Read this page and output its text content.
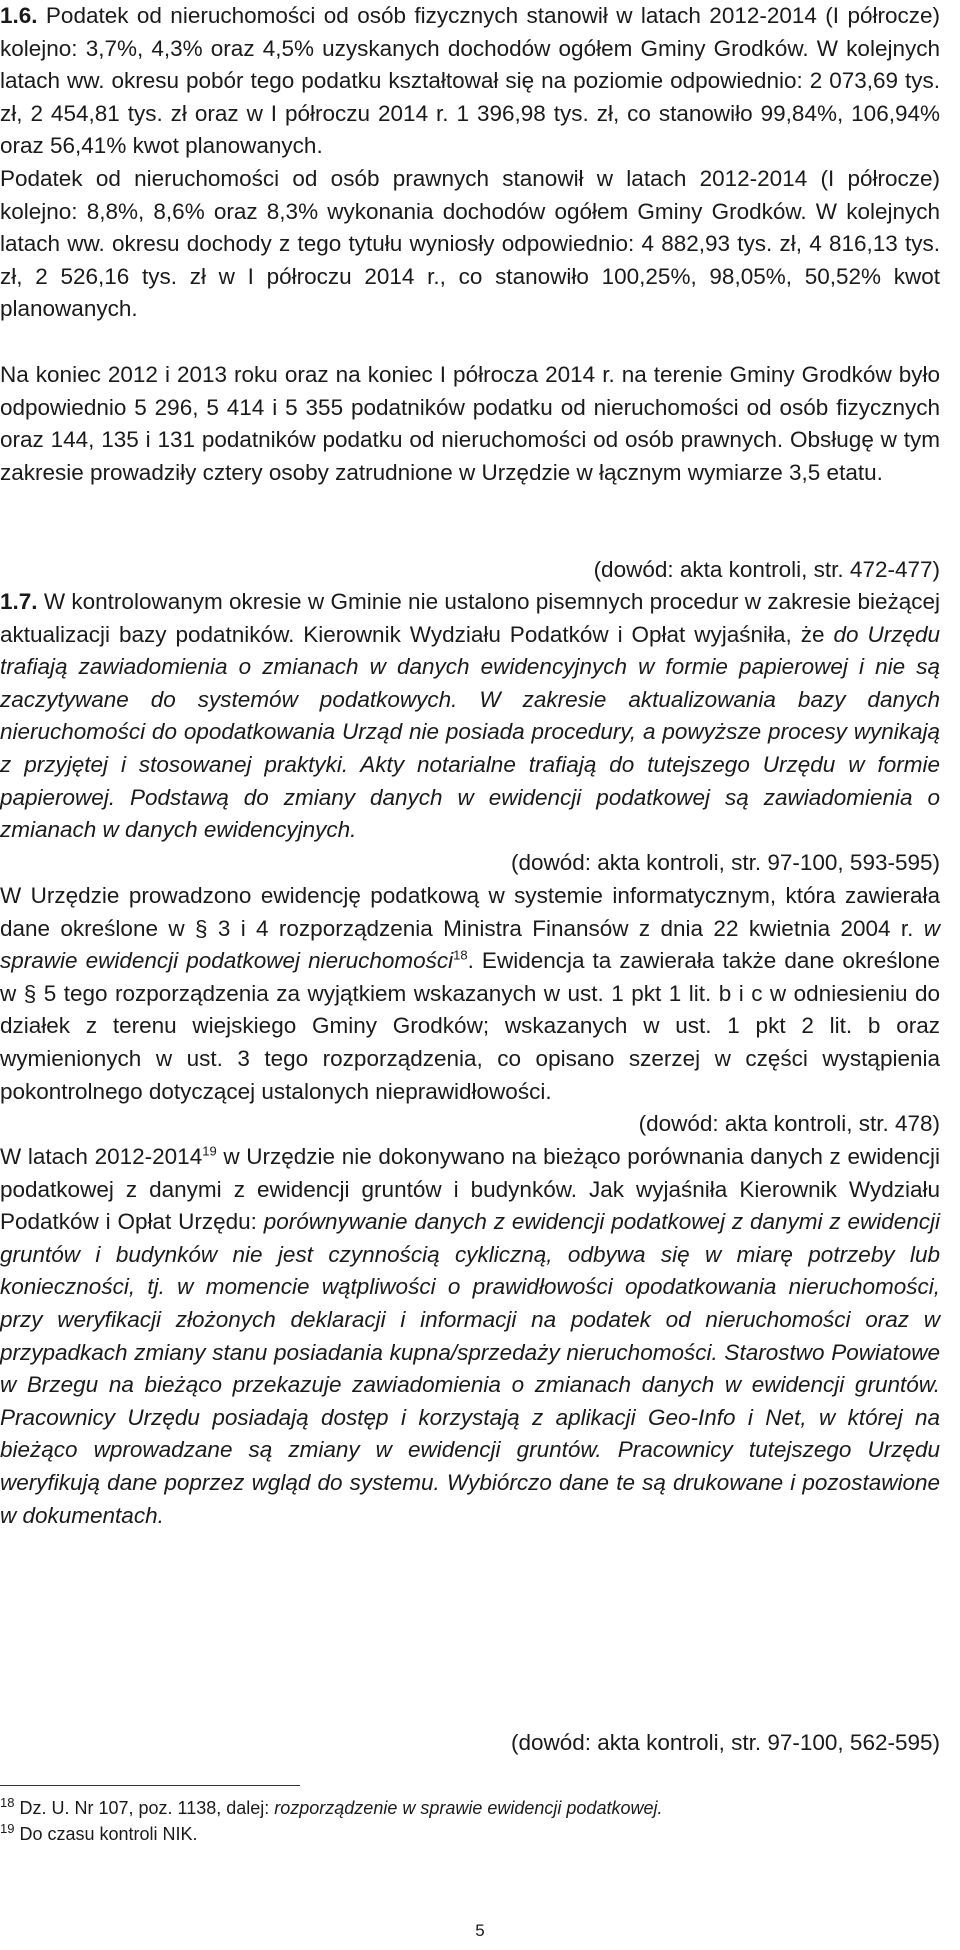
1.6. Podatek od nieruchomości od osób fizycznych stanowił w latach 2012-2014 (I półrocze) kolejno: 3,7%, 4,3% oraz 4,5% uzyskanych dochodów ogółem Gminy Grodków. W kolejnych latach ww. okresu pobór tego podatku kształtował się na poziomie odpowiednio: 2 073,69 tys. zł, 2 454,81 tys. zł oraz w I półroczu 2014 r. 1 396,98 tys. zł, co stanowiło 99,84%, 106,94% oraz 56,41% kwot planowanych.

Podatek od nieruchomości od osób prawnych stanowił w latach 2012-2014 (I półrocze) kolejno: 8,8%, 8,6% oraz 8,3% wykonania dochodów ogółem Gminy Grodków. W kolejnych latach ww. okresu dochody z tego tytułu wyniosły odpowiednio: 4 882,93 tys. zł, 4 816,13 tys. zł, 2 526,16 tys. zł w I półroczu 2014 r., co stanowiło 100,25%, 98,05%, 50,52% kwot planowanych.

Na koniec 2012 i 2013 roku oraz na koniec I półrocza 2014 r. na terenie Gminy Grodków było odpowiednio 5 296, 5 414 i 5 355 podatników podatku od nieruchomości od osób fizycznych oraz 144, 135 i 131 podatników podatku od nieruchomości od osób prawnych. Obsługę w tym zakresie prowadziły cztery osoby zatrudnione w Urzędzie w łącznym wymiarze 3,5 etatu.

(dowód: akta kontroli, str. 472-477)

1.7. W kontrolowanym okresie w Gminie nie ustalono pisemnych procedur w zakresie bieżącej aktualizacji bazy podatników. Kierownik Wydziału Podatków i Opłat wyjaśniła, że do Urzędu trafiają zawiadomienia o zmianach w danych ewidencyjnych w formie papierowej i nie są zaczytywane do systemów podatkowych. W zakresie aktualizowania bazy danych nieruchomości do opodatkowania Urząd nie posiada procedury, a powyższe procesy wynikają z przyjętej i stosowanej praktyki. Akty notarialne trafiają do tutejszego Urzędu w formie papierowej. Podstawą do zmiany danych w ewidencji podatkowej są zawiadomienia o zmianach w danych ewidencyjnych.

(dowód: akta kontroli, str. 97-100, 593-595)

W Urzędzie prowadzono ewidencję podatkową w systemie informatycznym, która zawierała dane określone w § 3 i 4 rozporządzenia Ministra Finansów z dnia 22 kwietnia 2004 r. w sprawie ewidencji podatkowej nieruchomości$^{18}$. Ewidencja ta zawierała także dane określone w § 5 tego rozporządzenia za wyjątkiem wskazanych w ust. 1 pkt 1 lit. b i c w odniesieniu do działek z terenu wiejskiego Gminy Grodków; wskazanych w ust. 1 pkt 2 lit. b oraz wymienionych w ust. 3 tego rozporządzenia, co opisano szerzej w części wystąpienia pokontrolnego dotyczącej ustalonych nieprawidłowości.

(dowód: akta kontroli, str. 478)

W latach 2012-2014$^{19}$ w Urzędzie nie dokonywano na bieżąco porównania danych z ewidencji podatkowej z danymi z ewidencji gruntów i budynków. Jak wyjaśniła Kierownik Wydziału Podatków i Opłat Urzędu: porównywanie danych z ewidencji podatkowej z danymi z ewidencji gruntów i budynków nie jest czynnością cykliczną, odbywa się w miarę potrzeby lub konieczności, tj. w momencie wątpliwości o prawidłowości opodatkowania nieruchomości, przy weryfikacji złożonych deklaracji i informacji na podatek od nieruchomości oraz w przypadkach zmiany stanu posiadania kupna/sprzedaży nieruchomości. Starostwo Powiatowe w Brzegu na bieżąco przekazuje zawiadomienia o zmianach danych w ewidencji gruntów. Pracownicy Urzędu posiadają dostęp i korzystają z aplikacji Geo-Info i Net, w której na bieżąco wprowadzane są zmiany w ewidencji gruntów. Pracownicy tutejszego Urzędu weryfikują dane poprzez wgląd do systemu. Wybiórczo dane te są drukowane i pozostawione w dokumentach.

(dowód: akta kontroli, str. 97-100, 562-595)

$^{18}$ Dz. U. Nr 107, poz. 1138, dalej: rozporządzenie w sprawie ewidencji podatkowej.
$^{19}$ Do czasu kontroli NIK.
5
